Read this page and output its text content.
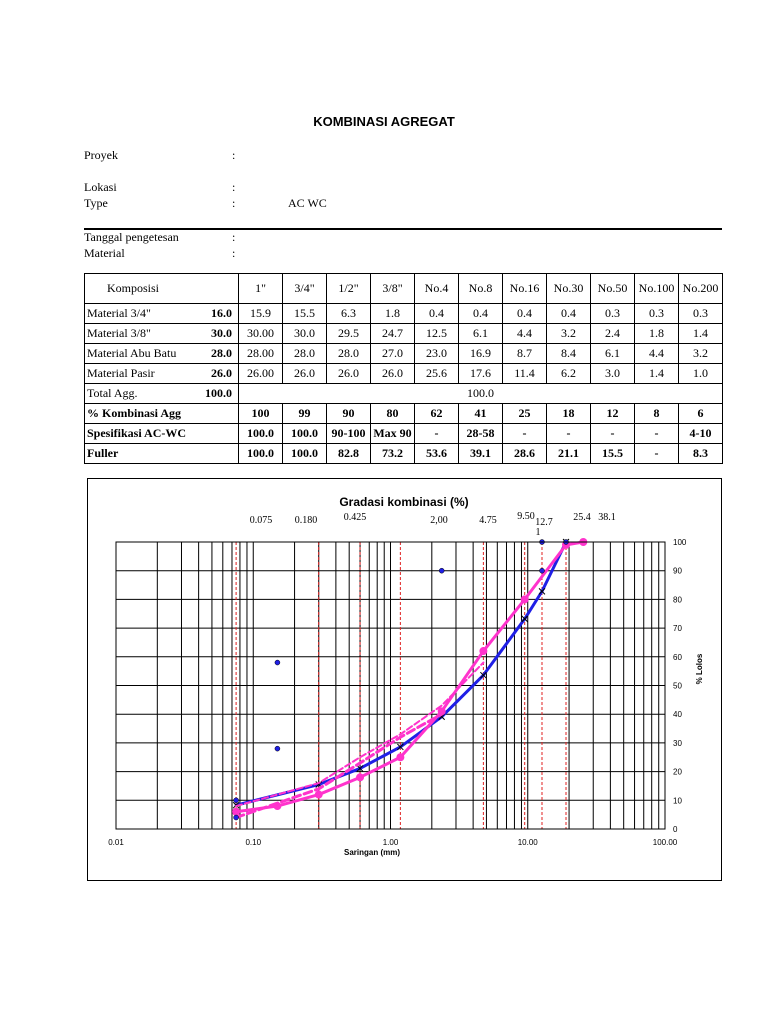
KOMBINASI AGREGAT
Proyek	:
Lokasi	:
Type	:	AC WC
Tanggal pengetesan	:
Material	:
Komposisi		1"	3/4"	1/2"	3/8"	No.4	No.8	No.16	No.30	No.50	No.100	No.200
Material 3/4"	16.0	15.9	15.5	6.3	1.8	0.4	0.4	0.4	0.4	0.3	0.3	0.3
Material 3/8"	30.0	30.00	30.0	29.5	24.7	12.5	6.1	4.4	3.2	2.4	1.8	1.4
Material Abu Batu	28.0	28.00	28.0	28.0	27.0	23.0	16.9	8.7	8.4	6.1	4.4	3.2
Material Pasir	26.0	26.00	26.0	26.0	26.0	25.6	17.6	11.4	6.2	3.0	1.4	1.0
Total Agg.	100.0	100.0										
% Kombinasi Agg		100	99	90	80	62	41	25	18	12	8	6
Spesifikasi AC-WC		100.0	100.0	90-100	Max 90	-	28-58	-	-	-	-	4-10
Fuller		100.0	100.0	82.8	73.2	53.6	39.1	28.6	21.1	15.5	-	8.3
Gradasi kombinasi (%)
0.075 0.180	0.425	2,00	4.75 9.50
12.7
1
25.4 38.1
0.01	0.10	1.00	10.00	100.00
0
10
20
30
40
50
60
70
80
90
100
Saringan (mm)
% Lolos
